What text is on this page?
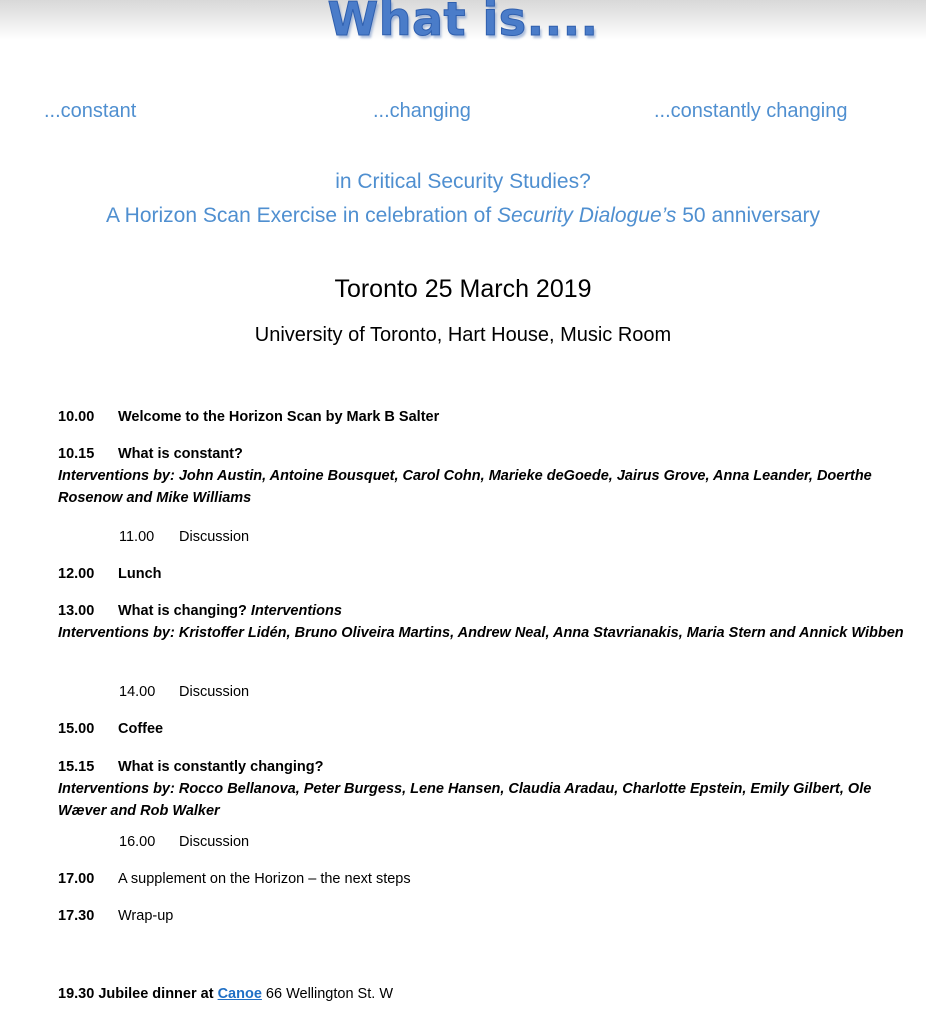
What is....
...constant	...changing	...constantly changing
in Critical Security Studies?
A Horizon Scan Exercise in celebration of Security Dialogue’s 50 anniversary
Toronto 25 March 2019
University of Toronto, Hart House, Music Room
10.00 Welcome to the Horizon Scan by Mark B Salter
10.15 What is constant?
Interventions by: John Austin, Antoine Bousquet, Carol Cohn, Marieke deGoede, Jairus Grove, Anna Leander, Doerthe Rosenow and Mike Williams
11.00 Discussion
12.00 Lunch
13.00 What is changing? Interventions
Interventions by: Kristoffer Lidén, Bruno Oliveira Martins, Andrew Neal, Anna Stavrianakis, Maria Stern and Annick Wibben
14.00 Discussion
15.00 Coffee
15.15 What is constantly changing?
Interventions by: Rocco Bellanova, Peter Burgess, Lene Hansen, Claudia Aradau, Charlotte Epstein, Emily Gilbert, Ole Wæver and Rob Walker
16.00 Discussion
17.00 A supplement on the Horizon – the next steps
17.30 Wrap-up
19.30 Jubilee dinner at Canoe 66 Wellington St. W
